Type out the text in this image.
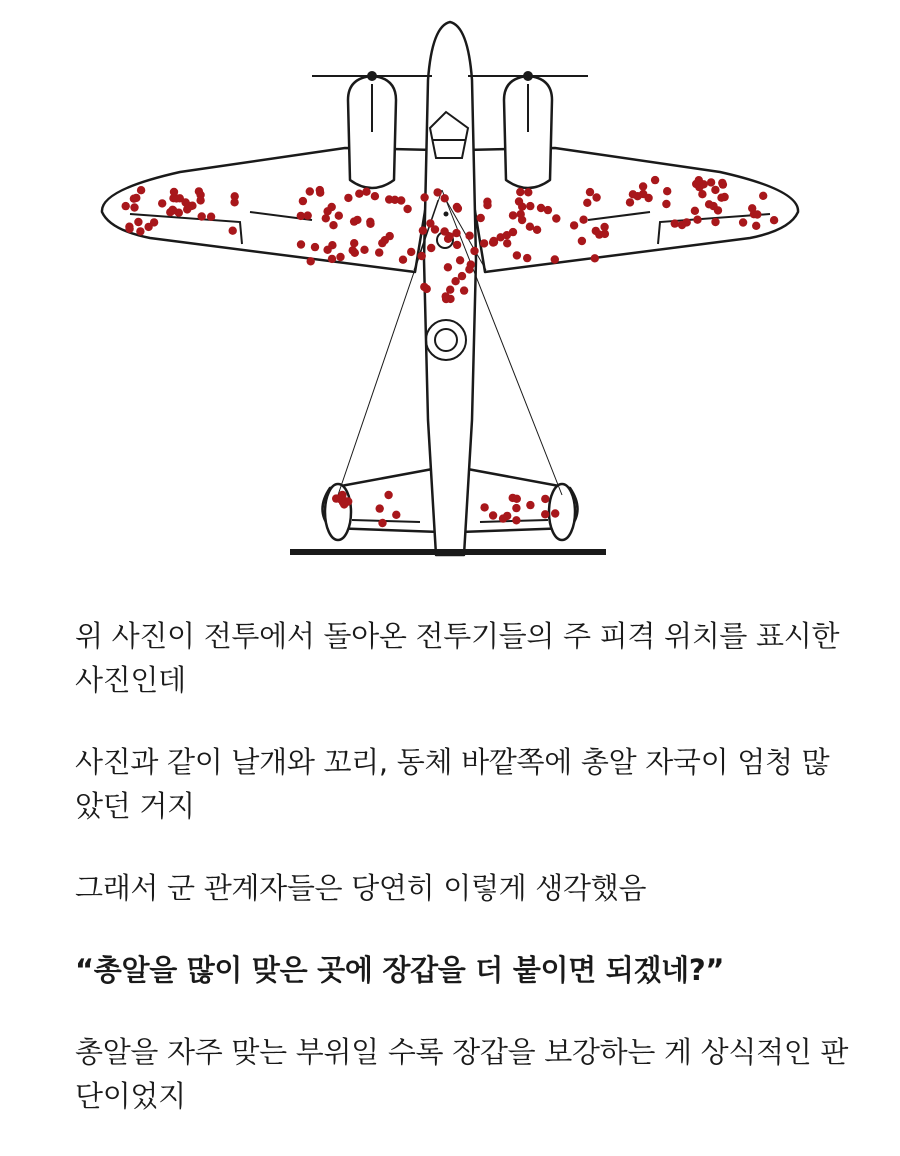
위 사진이 전투에서 돌아온 전투기들의 주 피격 위치를 표시한 사진인데

사진과 같이 날개와 꼬리, 동체 바깥쪽에 총알 자국이 엄청 많았던 거지

그래서 군 관계자들은 당연히 이렇게 생각했음

“총알을 많이 맞은 곳에 장갑을 더 붙이면 되겠네?”

총알을 자주 맞는 부위일 수록 장갑을 보강하는 게 상식적인 판단이었지
